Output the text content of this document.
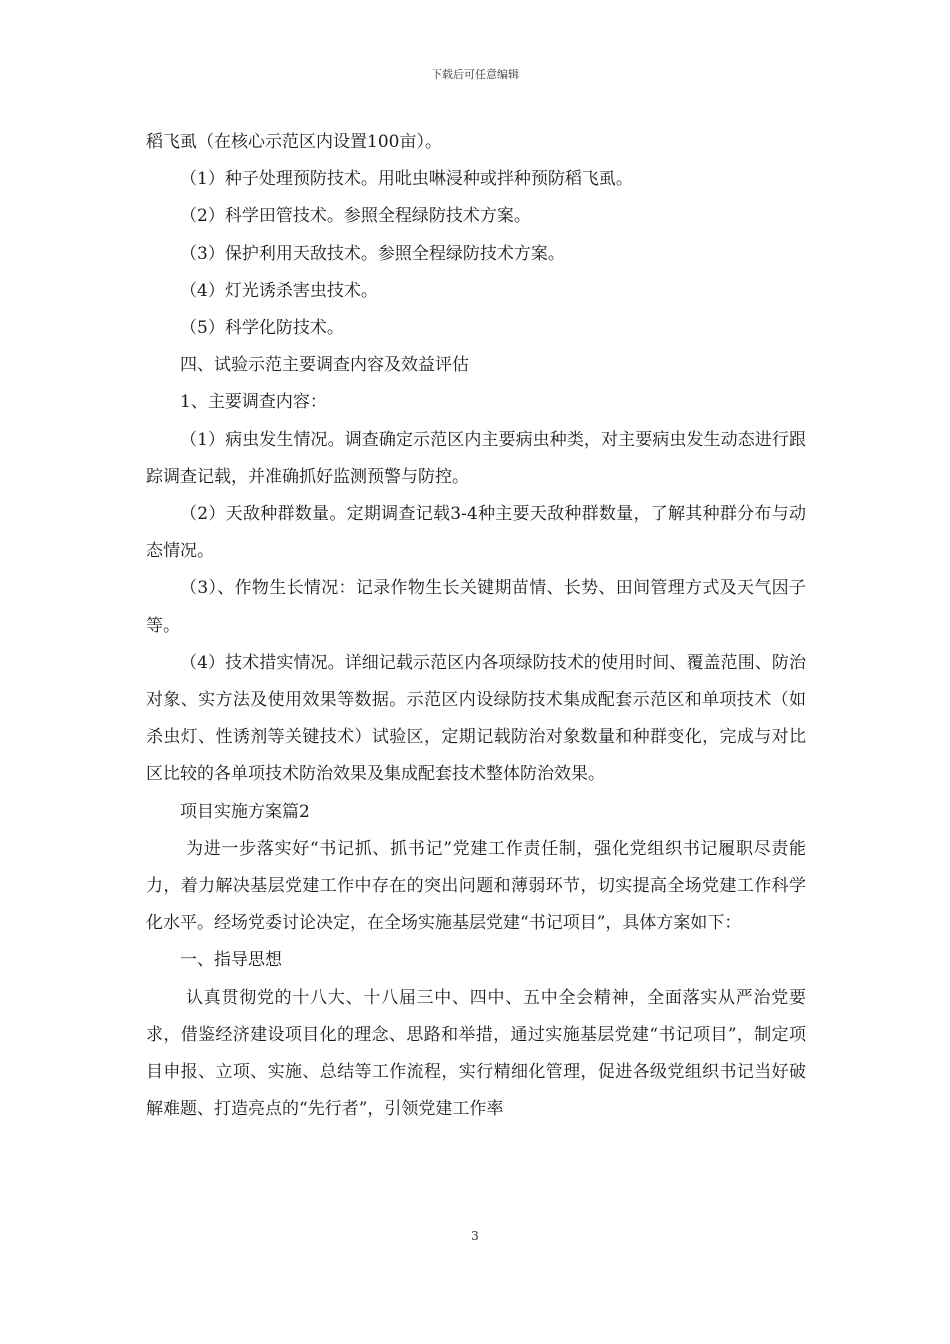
下载后可任意编辑

稻飞虱（在核心示范区内设置100亩）。

（1）种子处理预防技术。用吡虫啉浸种或拌种预防稻飞虱。

（2）科学田管技术。参照全程绿防技术方案。

（3）保护利用天敌技术。参照全程绿防技术方案。

（4）灯光诱杀害虫技术。

（5）科学化防技术。

四、试验示范主要调查内容及效益评估

1、主要调查内容：

（1）病虫发生情况。调查确定示范区内主要病虫种类，对主要病虫发生动态进行跟踪调查记载，并准确抓好监测预警与防控。

（2）天敌种群数量。定期调查记载3-4种主要天敌种群数量，了解其种群分布与动态情况。

（3）、作物生长情况：记录作物生长关键期苗情、长势、田间管理方式及天气因子等。

（4）技术措实情况。详细记载示范区内各项绿防技术的使用时间、覆盖范围、防治对象、实方法及使用效果等数据。示范区内设绿防技术集成配套示范区和单项技术（如杀虫灯、性诱剂等关键技术）试验区，定期记载防治对象数量和种群变化，完成与对比区比较的各单项技术防治效果及集成配套技术整体防治效果。

项目实施方案篇2

为进一步落实好“书记抓、抓书记”党建工作责任制，强化党组织书记履职尽责能力，着力解决基层党建工作中存在的突出问题和薄弱环节，切实提高全场党建工作科学化水平。经场党委讨论决定，在全场实施基层党建“书记项目”，具体方案如下：

一、指导思想

认真贯彻党的十八大、十八届三中、四中、五中全会精神，全面落实从严治党要求，借鉴经济建设项目化的理念、思路和举措，通过实施基层党建“书记项目”，制定项目申报、立项、实施、总结等工作流程，实行精细化管理，促进各级党组织书记当好破解难题、打造亮点的“先行者”，引领党建工作率

3
